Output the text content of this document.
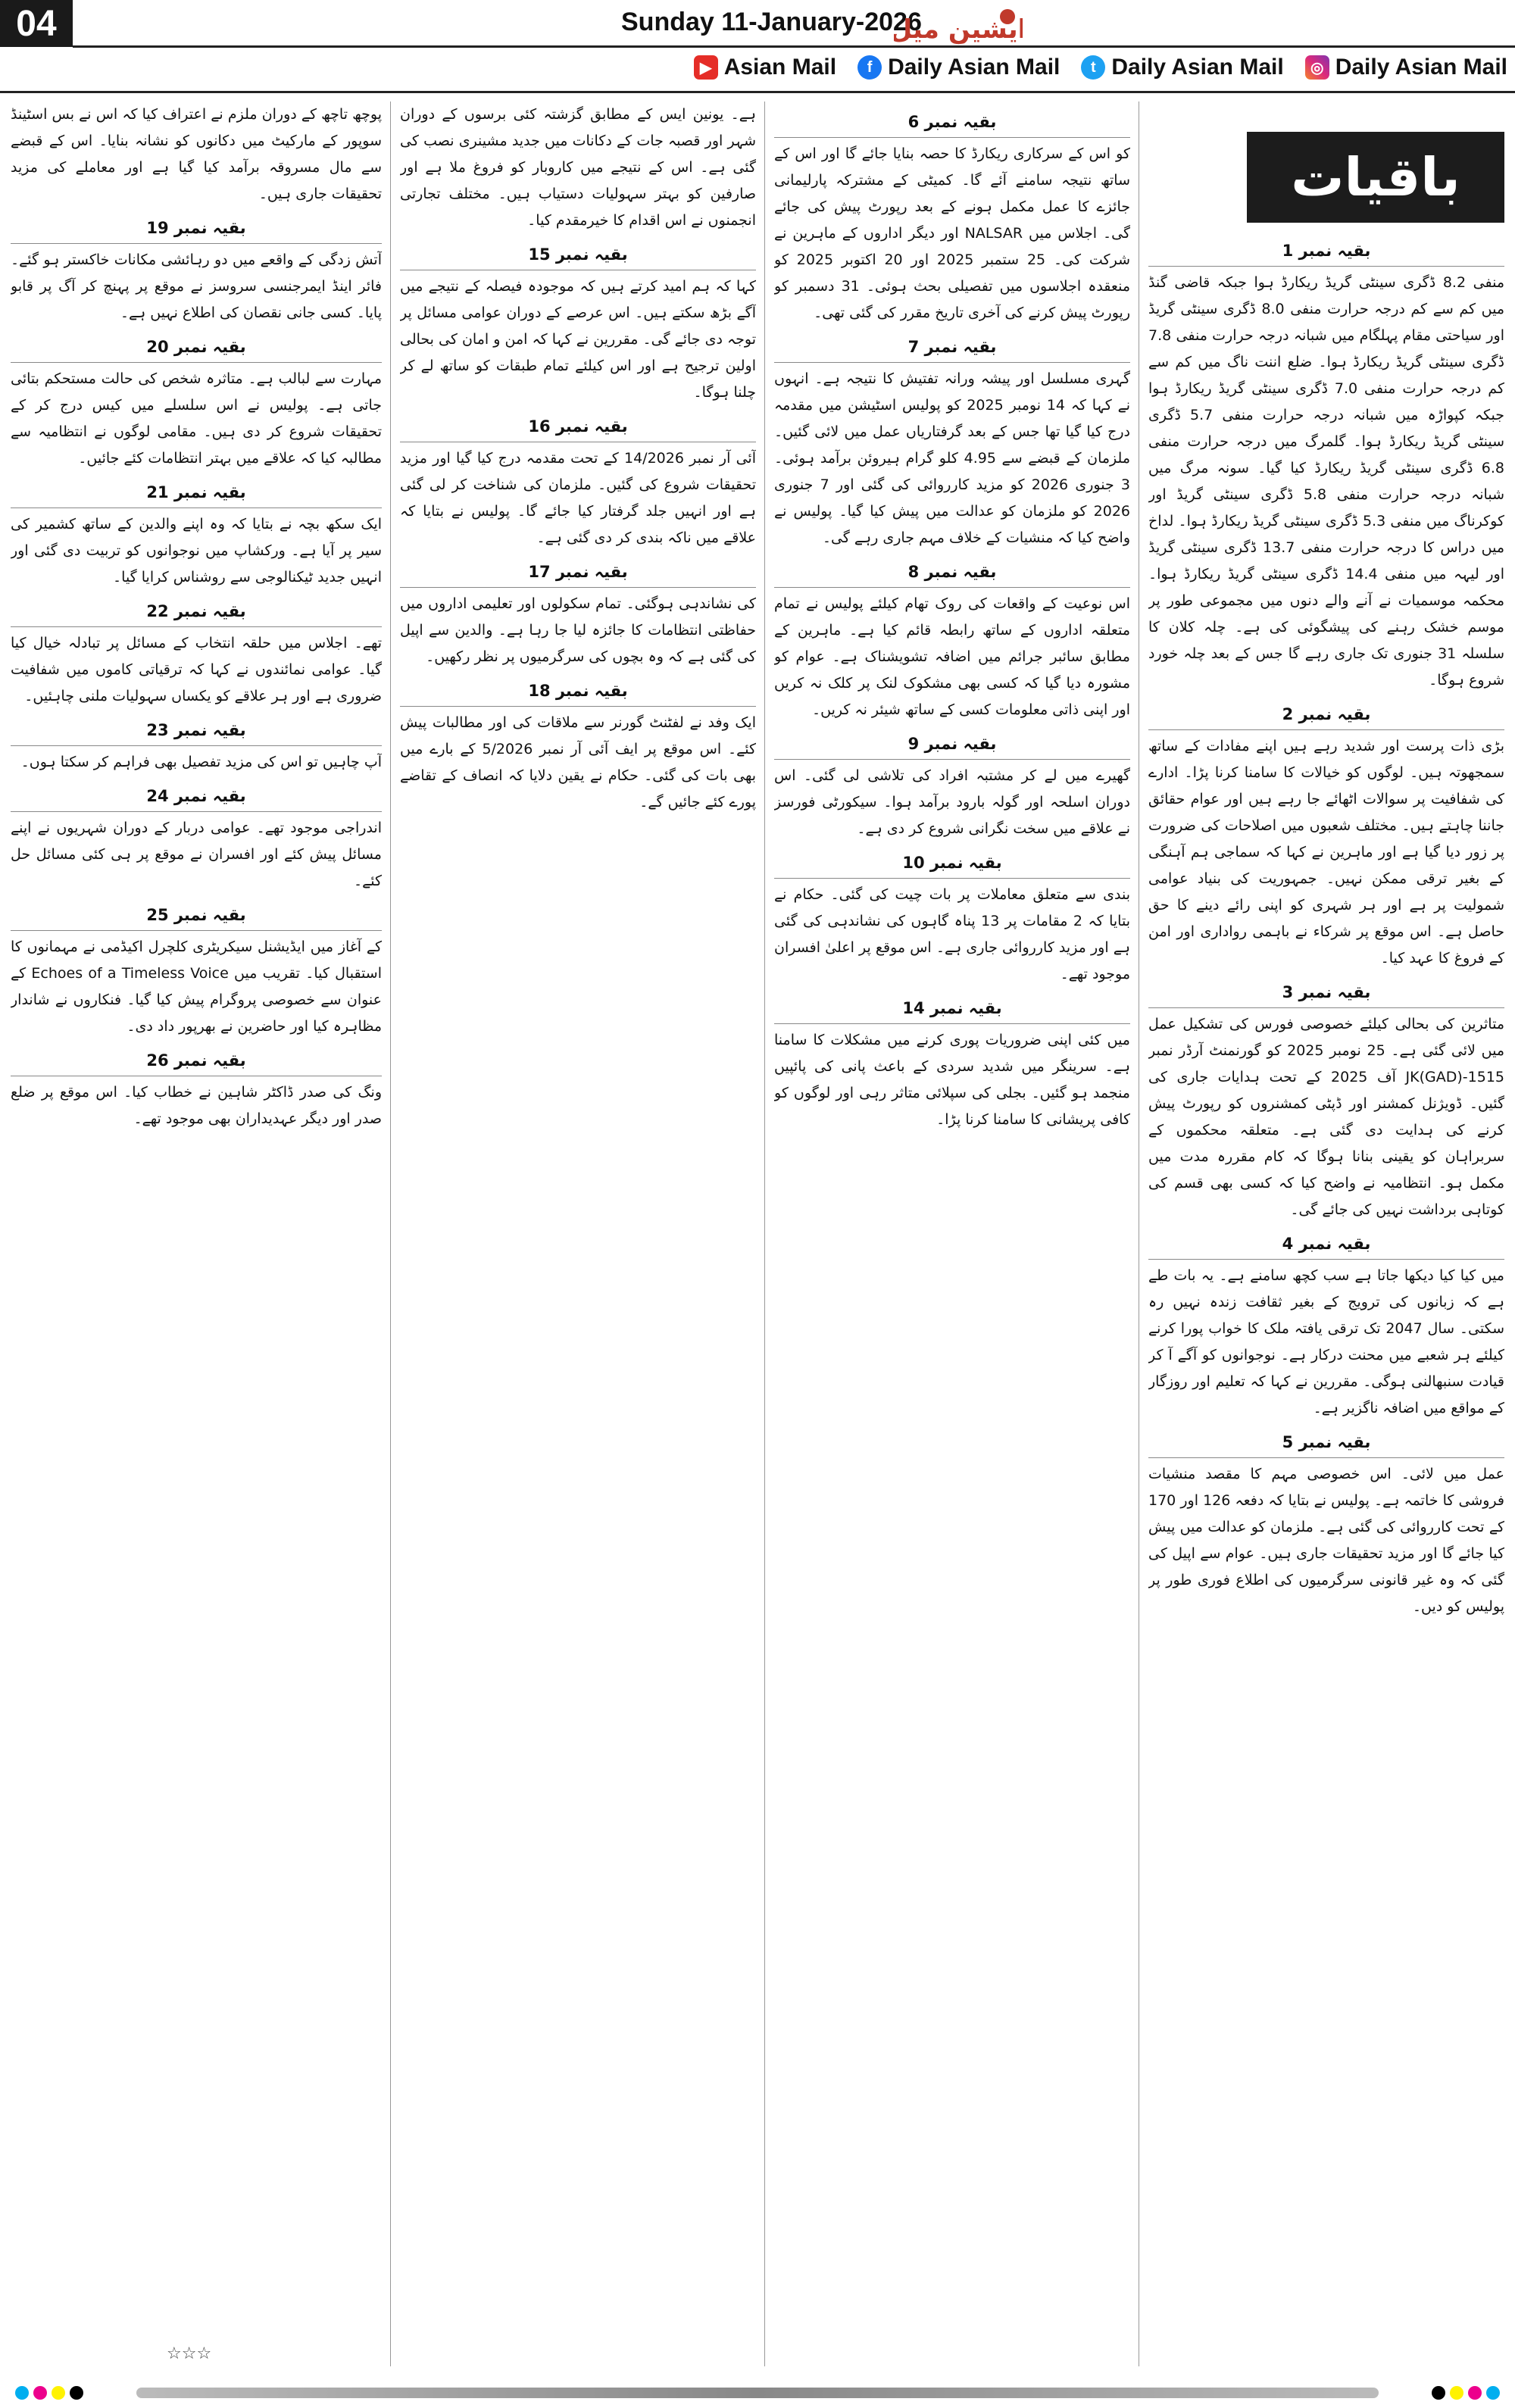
04	Sunday 11-January-2026
ایشین میل
▶ Asian Mail	f Daily Asian Mail	t Daily Asian Mail	◎ Daily Asian Mail
باقیات
بقیہ نمبر 1

منفی 8.2 ڈگری سینٹی گریڈ ریکارڈ ہوا جبکہ قاضی گنڈ میں کم سے کم درجہ حرارت منفی 8.0 ڈگری سینٹی گریڈ اور سیاحتی مقام پہلگام میں شبانہ درجہ حرارت منفی 7.8 ڈگری سینٹی گریڈ ریکارڈ ہوا۔ ضلع اننت ناگ میں کم سے کم درجہ حرارت منفی 7.0 ڈگری سینٹی گریڈ ریکارڈ ہوا جبکہ کپواڑہ میں شبانہ درجہ حرارت منفی 5.7 ڈگری سینٹی گریڈ ریکارڈ ہوا۔ گلمرگ میں درجہ حرارت منفی 6.8 ڈگری سینٹی گریڈ ریکارڈ کیا گیا۔ سونہ مرگ میں شبانہ درجہ حرارت منفی 5.8 ڈگری سینٹی گریڈ اور کوکرناگ میں منفی 5.3 ڈگری سینٹی گریڈ ریکارڈ ہوا۔ لداخ میں دراس کا درجہ حرارت منفی 13.7 ڈگری سینٹی گریڈ اور لیہہ میں منفی 14.4 ڈگری سینٹی گریڈ ریکارڈ ہوا۔ محکمہ موسمیات نے آنے والے دنوں میں مجموعی طور پر موسم خشک رہنے کی پیشگوئی کی ہے۔ چلہ کلان کا سلسلہ 31 جنوری تک جاری رہے گا جس کے بعد چلہ خورد شروع ہوگا۔

بقیہ نمبر 2

بڑی ذات پرست اور شدید رہے ہیں اپنے مفادات کے ساتھ سمجھوتہ ہیں۔ لوگوں کو خیالات کا سامنا کرنا پڑا۔ ادارے کی شفافیت پر سوالات اٹھائے جا رہے ہیں اور عوام حقائق جاننا چاہتے ہیں۔ مختلف شعبوں میں اصلاحات کی ضرورت پر زور دیا گیا ہے اور ماہرین نے کہا کہ سماجی ہم آہنگی کے بغیر ترقی ممکن نہیں۔ جمہوریت کی بنیاد عوامی شمولیت پر ہے اور ہر شہری کو اپنی رائے دینے کا حق حاصل ہے۔ اس موقع پر شرکاء نے باہمی رواداری اور امن کے فروغ کا عہد کیا۔

بقیہ نمبر 3

متاثرین کی بحالی کیلئے خصوصی فورس کی تشکیل عمل میں لائی گئی ہے۔ 25 نومبر 2025 کو گورنمنٹ آرڈر نمبر 1515-JK(GAD) آف 2025 کے تحت ہدایات جاری کی گئیں۔ ڈویژنل کمشنر اور ڈپٹی کمشنروں کو رپورٹ پیش کرنے کی ہدایت دی گئی ہے۔ متعلقہ محکموں کے سربراہان کو یقینی بنانا ہوگا کہ کام مقررہ مدت میں مکمل ہو۔ انتظامیہ نے واضح کیا کہ کسی بھی قسم کی کوتاہی برداشت نہیں کی جائے گی۔

بقیہ نمبر 4

میں کیا کیا دیکھا جاتا ہے سب کچھ سامنے ہے۔ یہ بات طے ہے کہ زبانوں کی ترویج کے بغیر ثقافت زندہ نہیں رہ سکتی۔ سال 2047 تک ترقی یافتہ ملک کا خواب پورا کرنے کیلئے ہر شعبے میں محنت درکار ہے۔ نوجوانوں کو آگے آ کر قیادت سنبھالنی ہوگی۔ مقررین نے کہا کہ تعلیم اور روزگار کے مواقع میں اضافہ ناگزیر ہے۔

بقیہ نمبر 5

عمل میں لائی۔ اس خصوصی مہم کا مقصد منشیات فروشی کا خاتمہ ہے۔ پولیس نے بتایا کہ دفعہ 126 اور 170 کے تحت کارروائی کی گئی ہے۔ ملزمان کو عدالت میں پیش کیا جائے گا اور مزید تحقیقات جاری ہیں۔ عوام سے اپیل کی گئی کہ وہ غیر قانونی سرگرمیوں کی اطلاع فوری طور پر پولیس کو دیں۔

بقیہ نمبر 6

کو اس کے سرکاری ریکارڈ کا حصہ بنایا جائے گا اور اس کے ساتھ نتیجہ سامنے آئے گا۔ کمیٹی کے مشترکہ پارلیمانی جائزے کا عمل مکمل ہونے کے بعد رپورٹ پیش کی جائے گی۔ اجلاس میں NALSAR اور دیگر اداروں کے ماہرین نے شرکت کی۔ 25 ستمبر 2025 اور 20 اکتوبر 2025 کو منعقدہ اجلاسوں میں تفصیلی بحث ہوئی۔ 31 دسمبر کو رپورٹ پیش کرنے کی آخری تاریخ مقرر کی گئی تھی۔

بقیہ نمبر 7

گہری مسلسل اور پیشہ ورانہ تفتیش کا نتیجہ ہے۔ انہوں نے کہا کہ 14 نومبر 2025 کو پولیس اسٹیشن میں مقدمہ درج کیا گیا تھا جس کے بعد گرفتاریاں عمل میں لائی گئیں۔ ملزمان کے قبضے سے 4.95 کلو گرام ہیروئن برآمد ہوئی۔ 3 جنوری 2026 کو مزید کارروائی کی گئی اور 7 جنوری 2026 کو ملزمان کو عدالت میں پیش کیا گیا۔ پولیس نے واضح کیا کہ منشیات کے خلاف مہم جاری رہے گی۔

بقیہ نمبر 8

اس نوعیت کے واقعات کی روک تھام کیلئے پولیس نے تمام متعلقہ اداروں کے ساتھ رابطہ قائم کیا ہے۔ ماہرین کے مطابق سائبر جرائم میں اضافہ تشویشناک ہے۔ عوام کو مشورہ دیا گیا کہ کسی بھی مشکوک لنک پر کلک نہ کریں اور اپنی ذاتی معلومات کسی کے ساتھ شیئر نہ کریں۔

بقیہ نمبر 9

گھیرے میں لے کر مشتبہ افراد کی تلاشی لی گئی۔ اس دوران اسلحہ اور گولہ بارود برآمد ہوا۔ سیکورٹی فورسز نے علاقے میں سخت نگرانی شروع کر دی ہے۔

بقیہ نمبر 10

بندی سے متعلق معاملات پر بات چیت کی گئی۔ حکام نے بتایا کہ 2 مقامات پر 13 پناہ گاہوں کی نشاندہی کی گئی ہے اور مزید کارروائی جاری ہے۔ اس موقع پر اعلیٰ افسران موجود تھے۔

بقیہ نمبر 14

میں کئی اپنی ضروریات پوری کرنے میں مشکلات کا سامنا ہے۔ سرینگر میں شدید سردی کے باعث پانی کی پائپیں منجمد ہو گئیں۔ بجلی کی سپلائی متاثر رہی اور لوگوں کو کافی پریشانی کا سامنا کرنا پڑا۔

ہے۔ یونین ایس کے مطابق گزشتہ کئی برسوں کے دوران شہر اور قصبہ جات کے دکانات میں جدید مشینری نصب کی گئی ہے۔ اس کے نتیجے میں کاروبار کو فروغ ملا ہے اور صارفین کو بہتر سہولیات دستیاب ہیں۔ مختلف تجارتی انجمنوں نے اس اقدام کا خیرمقدم کیا۔

بقیہ نمبر 15

کہا کہ ہم امید کرتے ہیں کہ موجودہ فیصلہ کے نتیجے میں آگے بڑھ سکتے ہیں۔ اس عرصے کے دوران عوامی مسائل پر توجہ دی جائے گی۔ مقررین نے کہا کہ امن و امان کی بحالی اولین ترجیح ہے اور اس کیلئے تمام طبقات کو ساتھ لے کر چلنا ہوگا۔

بقیہ نمبر 16

آئی آر نمبر 14/2026 کے تحت مقدمہ درج کیا گیا اور مزید تحقیقات شروع کی گئیں۔ ملزمان کی شناخت کر لی گئی ہے اور انہیں جلد گرفتار کیا جائے گا۔ پولیس نے بتایا کہ علاقے میں ناکہ بندی کر دی گئی ہے۔

بقیہ نمبر 17

کی نشاندہی ہوگئی۔ تمام سکولوں اور تعلیمی اداروں میں حفاظتی انتظامات کا جائزہ لیا جا رہا ہے۔ والدین سے اپیل کی گئی ہے کہ وہ بچوں کی سرگرمیوں پر نظر رکھیں۔

بقیہ نمبر 18

ایک وفد نے لفٹنٹ گورنر سے ملاقات کی اور مطالبات پیش کئے۔ اس موقع پر ایف آئی آر نمبر 5/2026 کے بارے میں بھی بات کی گئی۔ حکام نے یقین دلایا کہ انصاف کے تقاضے پورے کئے جائیں گے۔

پوچھ تاچھ کے دوران ملزم نے اعتراف کیا کہ اس نے بس اسٹینڈ سوپور کے مارکیٹ میں دکانوں کو نشانہ بنایا۔ اس کے قبضے سے مال مسروقہ برآمد کیا گیا ہے اور معاملے کی مزید تحقیقات جاری ہیں۔

بقیہ نمبر 19

آتش زدگی کے واقعے میں دو رہائشی مکانات خاکستر ہو گئے۔ فائر اینڈ ایمرجنسی سروسز نے موقع پر پہنچ کر آگ پر قابو پایا۔ کسی جانی نقصان کی اطلاع نہیں ہے۔

بقیہ نمبر 20

مہارت سے لبالب ہے۔ متاثرہ شخص کی حالت مستحکم بتائی جاتی ہے۔ پولیس نے اس سلسلے میں کیس درج کر کے تحقیقات شروع کر دی ہیں۔ مقامی لوگوں نے انتظامیہ سے مطالبہ کیا کہ علاقے میں بہتر انتظامات کئے جائیں۔

بقیہ نمبر 21

ایک سکھ بچہ نے بتایا کہ وہ اپنے والدین کے ساتھ کشمیر کی سیر پر آیا ہے۔ ورکشاپ میں نوجوانوں کو تربیت دی گئی اور انہیں جدید ٹیکنالوجی سے روشناس کرایا گیا۔

بقیہ نمبر 22

تھے۔ اجلاس میں حلقہ انتخاب کے مسائل پر تبادلہ خیال کیا گیا۔ عوامی نمائندوں نے کہا کہ ترقیاتی کاموں میں شفافیت ضروری ہے اور ہر علاقے کو یکساں سہولیات ملنی چاہئیں۔

بقیہ نمبر 23

آپ چاہیں تو اس کی مزید تفصیل بھی فراہم کر سکتا ہوں۔

بقیہ نمبر 24

اندراجی موجود تھے۔ عوامی دربار کے دوران شہریوں نے اپنے مسائل پیش کئے اور افسران نے موقع پر ہی کئی مسائل حل کئے۔

بقیہ نمبر 25

کے آغاز میں ایڈیشنل سیکریٹری کلچرل اکیڈمی نے مہمانوں کا استقبال کیا۔ تقریب میں Echoes of a Timeless Voice کے عنوان سے خصوصی پروگرام پیش کیا گیا۔ فنکاروں نے شاندار مظاہرہ کیا اور حاضرین نے بھرپور داد دی۔

بقیہ نمبر 26

ونگ کی صدر ڈاکٹر شاہین نے خطاب کیا۔ اس موقع پر ضلع صدر اور دیگر عہدیداران بھی موجود تھے۔

☆☆☆
